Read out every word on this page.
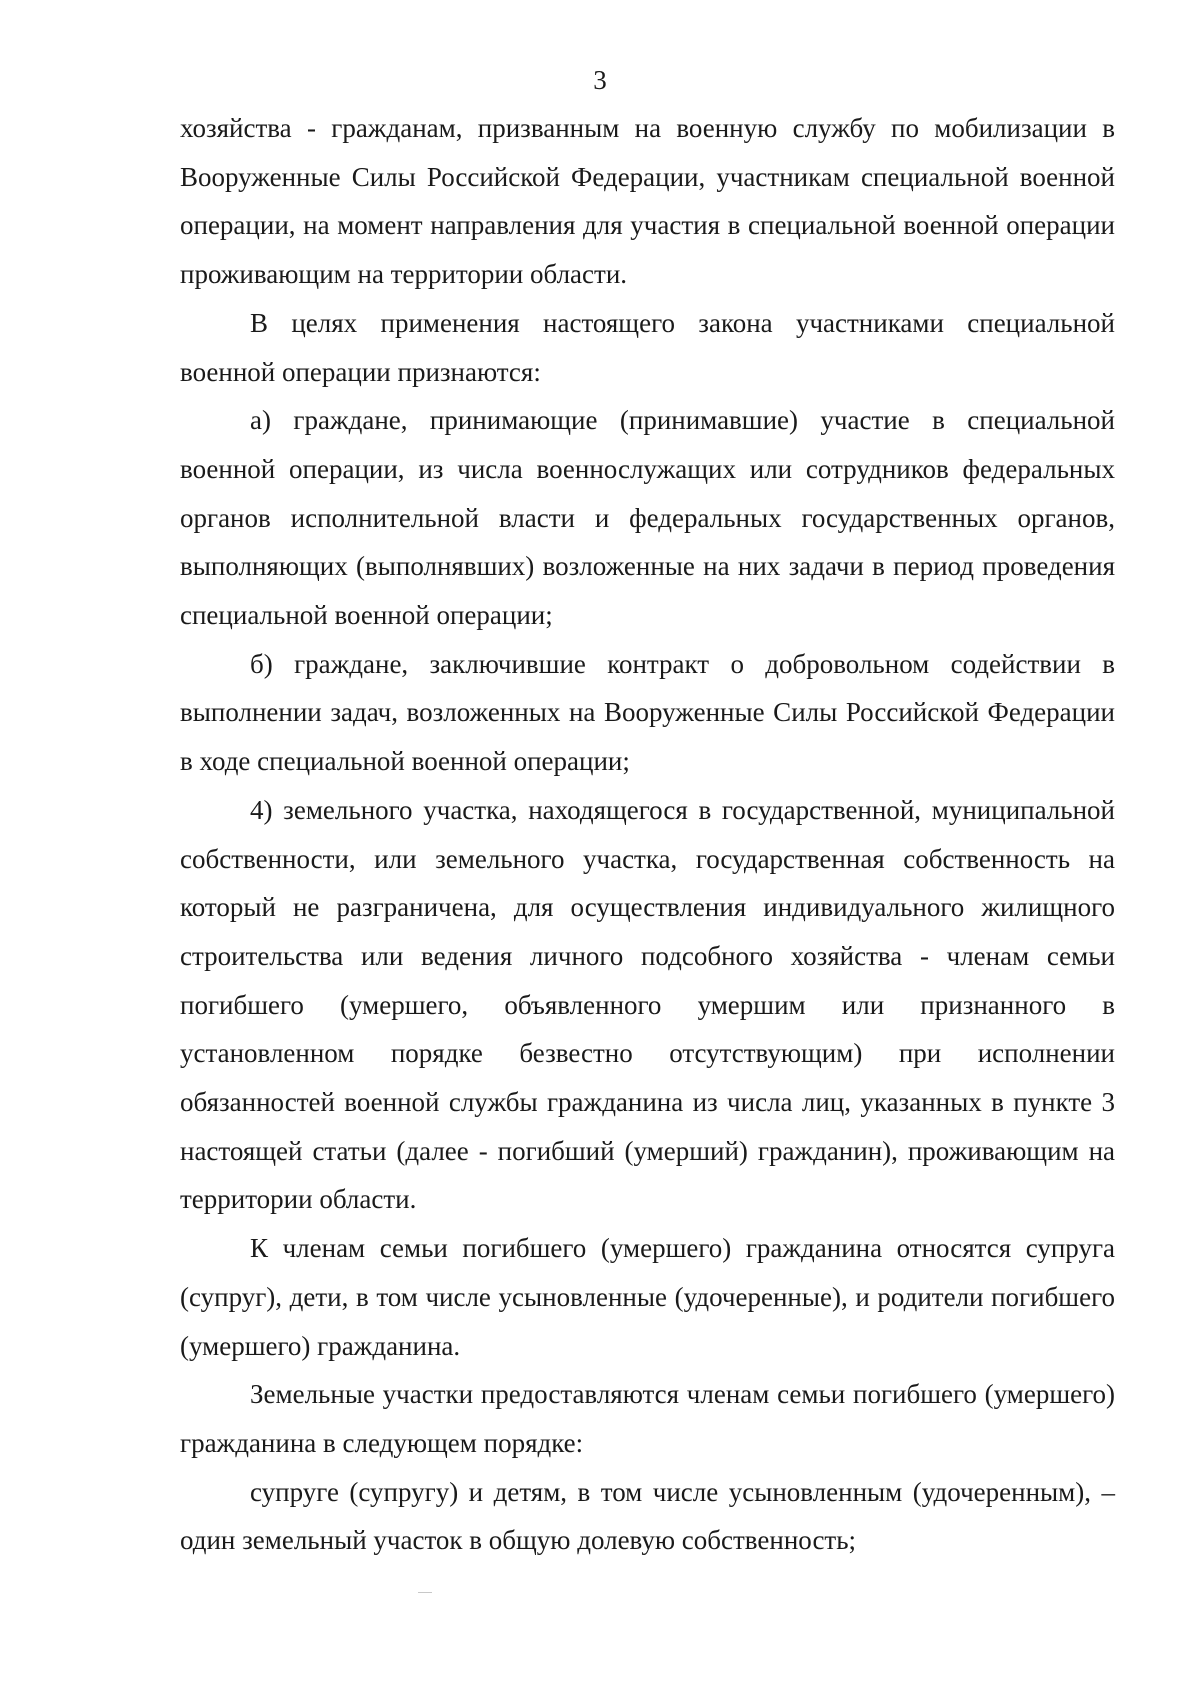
3

хозяйства - гражданам, призванным на военную службу по мобилизации в Вооруженные Силы Российской Федерации, участникам специальной военной операции, на момент направления для участия в специальной военной операции проживающим на территории области.

В целях применения настоящего закона участниками специальной военной операции признаются:

а) граждане, принимающие (принимавшие) участие в специальной военной операции, из числа военнослужащих или сотрудников федеральных органов исполнительной власти и федеральных государственных органов, выполняющих (выполнявших) возложенные на них задачи в период проведения специальной военной операции;

б) граждане, заключившие контракт о добровольном содействии в выполнении задач, возложенных на Вооруженные Силы Российской Федерации в ходе специальной военной операции;

4) земельного участка, находящегося в государственной, муниципальной собственности, или земельного участка, государственная собственность на который не разграничена, для осуществления индивидуального жилищного строительства или ведения личного подсобного хозяйства - членам семьи погибшего (умершего, объявленного умершим или признанного в установленном порядке безвестно отсутствующим) при исполнении обязанностей военной службы гражданина из числа лиц, указанных в пункте 3 настоящей статьи (далее - погибший (умерший) гражданин), проживающим на территории области.

К членам семьи погибшего (умершего) гражданина относятся супруга (супруг), дети, в том числе усыновленные (удочеренные), и родители погибшего (умершего) гражданина.

Земельные участки предоставляются членам семьи погибшего (умершего) гражданина в следующем порядке:

супруге (супругу) и детям, в том числе усыновленным (удочеренным), – один земельный участок в общую долевую собственность;
